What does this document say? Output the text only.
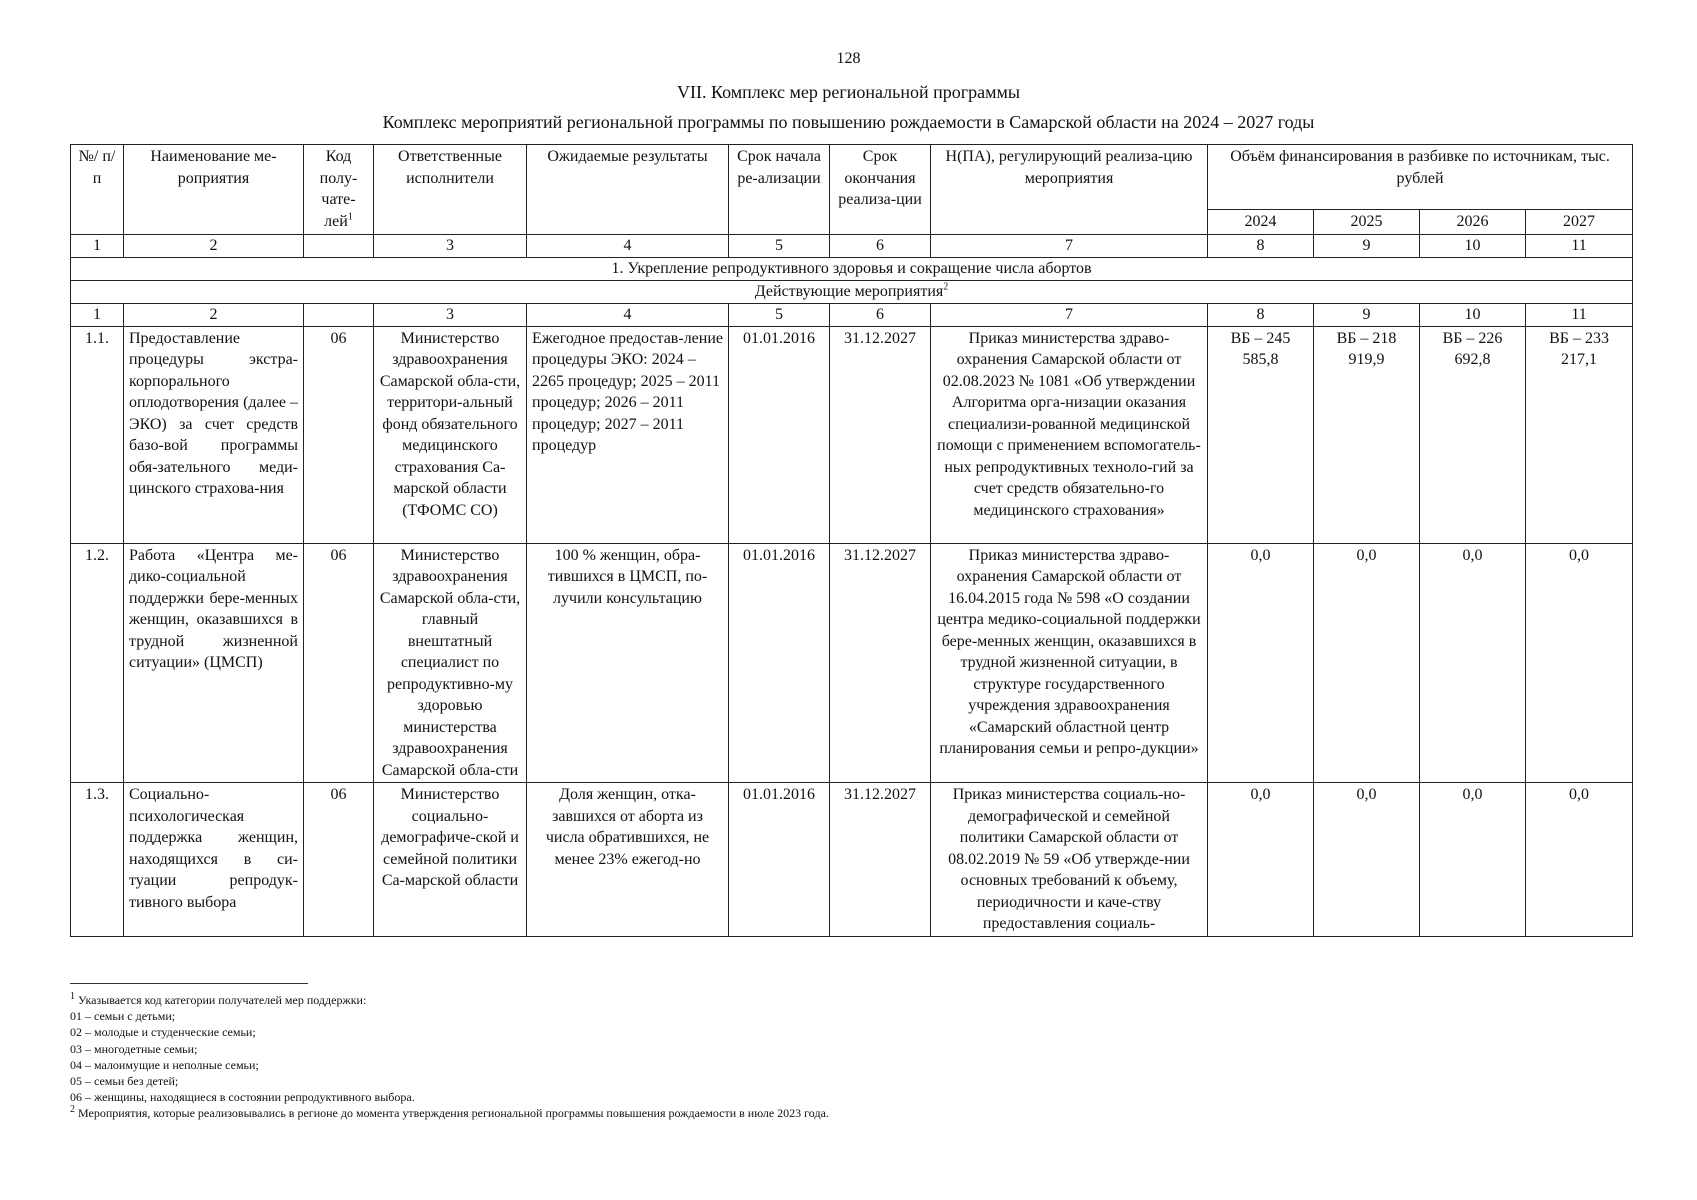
128
VII. Комплекс мер региональной программы
Комплекс мероприятий региональной программы по повышению рождаемости в Самарской области на 2024 – 2027 годы
№/ п/п	Наименование ме-роприятия	Код полу-чате-лей$^1$	Ответственные исполнители	Ожидаемые результаты	Срок начала ре-ализации	Срок окончания реализа-ции	Н(ПА), регулирующий реализа-цию мероприятия	Объём финансирования в разбивке по источникам, тыс. рублей			
								2024	2025	2026	2027
1	2		3	4	5	6	7	8	9	10	11
1. Укрепление репродуктивного здоровья и сокращение числа абортов											
Действующие мероприятия$^2$
1	2		3	4	5	6	7	8	9	10	11
1.1.	Предоставление процедуры экстра-корпорального оплодотворения (далее – ЭКО) за счет средств базо-вой программы обя-зательного меди-цинского страхова-ния	06	Министерство здравоохранения Самарской обла-сти, территори-альный фонд обязательного медицинского страхования Са-марской области (ТФОМС СО)	Ежегодное предостав-ление процедуры ЭКО: 2024 – 2265 процедур; 2025 – 2011 процедур; 2026 – 2011 процедур; 2027 – 2011 процедур	01.01.2016	31.12.2027	Приказ министерства здраво-охранения Самарской области от 02.08.2023 № 1081 «Об утверждении Алгоритма орга-низации оказания специализи-рованной медицинской помощи с применением вспомогатель-ных репродуктивных техноло-гий за счет средств обязательно-го медицинского страхования»	ВБ – 245 585,8	ВБ – 218 919,9	ВБ – 226 692,8	ВБ – 233 217,1
1.2.	Работа «Центра ме-дико-социальной поддержки бере-менных женщин, оказавшихся в трудной жизненной ситуации» (ЦМСП)	06	Министерство здравоохранения Самарской обла-сти, главный внештатный специалист по репродуктивно-му здоровью министерства здравоохранения Самарской обла-сти	100 % женщин, обра-тившихся в ЦМСП, по-лучили консультацию	01.01.2016	31.12.2027	Приказ министерства здраво-охранения Самарской области от 16.04.2015 года № 598 «О создании центра медико-социальной поддержки бере-менных женщин, оказавшихся в трудной жизненной ситуации, в структуре государственного учреждения здравоохранения «Самарский областной центр планирования семьи и репро-дукции»	0,0	0,0	0,0	0,0
1.3.	Социально-психологическая поддержка женщин, находящихся в си-туации репродук-тивного выбора	06	Министерство социально-демографиче-ской и семейной политики Са-марской области	Доля женщин, отка-завшихся от аборта из числа обратившихся, не менее 23% ежегод-но	01.01.2016	31.12.2027	Приказ министерства социаль-но-демографической и семейной политики Самарской области от 08.02.2019 № 59 «Об утвержде-нии основных требований к объему, периодичности и каче-ству предоставления социаль-	0,0	0,0	0,0	0,0
$^1$ Указывается код категории получателей мер поддержки:
01 – семьи с детьми;
02 – молодые и студенческие семьи;
03 – многодетные семьи;
04 – малоимущие и неполные семьи;
05 – семьи без детей;
06 – женщины, находящиеся в состоянии репродуктивного выбора.
$^2$ Мероприятия, которые реализовывались в регионе до момента утверждения региональной программы повышения рождаемости в июле 2023 года.
